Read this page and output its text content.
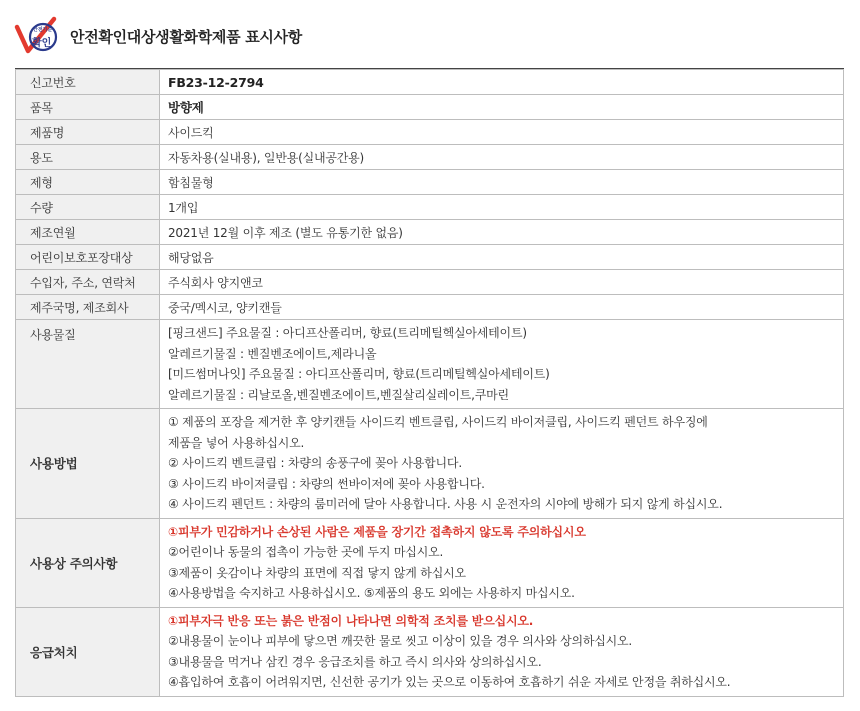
안전기준
확인 안전확인대상생활화학제품 표시사항
신고번호	FB23-12-2794
품목	방향제
제품명	사이드킥
용도	자동차용(실내용), 일반용(실내공간용)
제형	함침물형
수량	1개입
제조연월	2021년 12월 이후 제조 (별도 유통기한 없음)
어린이보호포장대상	해당없음
수입자, 주소, 연락처	주식회사 양지앤코
제주국명, 제조회사	중국/멕시코, 양키캔들
사용물질	[핑크샌드] 주요물질 : 아디프산폴리머, 향료(트리메틸헥실아세테이트)
알레르기물질 : 벤질벤조에이트,제라니올
[미드썸머나잇] 주요물질 : 아디프산폴리머, 향료(트리메틸헥실아세테이트)
알레르기물질 : 리날로올,벤질벤조에이트,벤질살리실레이트,쿠마린

사용방법	① 제품의 포장을 제거한 후 양키캔들 사이드킥 벤트클립, 사이드킥 바이저클립, 사이드킥 펜던트 하우징에
제품을 넣어 사용하십시오.
② 사이드킥 벤트클립 : 차량의 송풍구에 꽂아 사용합니다.
③ 사이드킥 바이저클립 : 차량의 썬바이저에 꽂아 사용합니다.
④ 사이드킥 펜던트 : 차량의 룸미러에 달아 사용합니다. 사용 시 운전자의 시야에 방해가 되지 않게 하십시오.

사용상 주의사항	①피부가 민감하거나 손상된 사람은 제품을 장기간 접촉하지 않도록 주의하십시오
②어린이나 동물의 접촉이 가능한 곳에 두지 마십시오.
③제품이 옷감이나 차량의 표면에 직접 닿지 않게 하십시오
④사용방법을 숙지하고 사용하십시오. ⑤제품의 용도 외에는 사용하지 마십시오.

응급처치	①피부자극 반응 또는 붉은 반점이 나타나면 의학적 조치를 받으십시오.
②내용물이 눈이나 피부에 닿으면 깨끗한 물로 씻고 이상이 있을 경우 의사와 상의하십시오.
③내용물을 먹거나 삼킨 경우 응급조치를 하고 즉시 의사와 상의하십시오.
④흡입하여 호흡이 어려워지면, 신선한 공기가 있는 곳으로 이동하여 호흡하기 쉬운 자세로 안정을 취하십시오.
